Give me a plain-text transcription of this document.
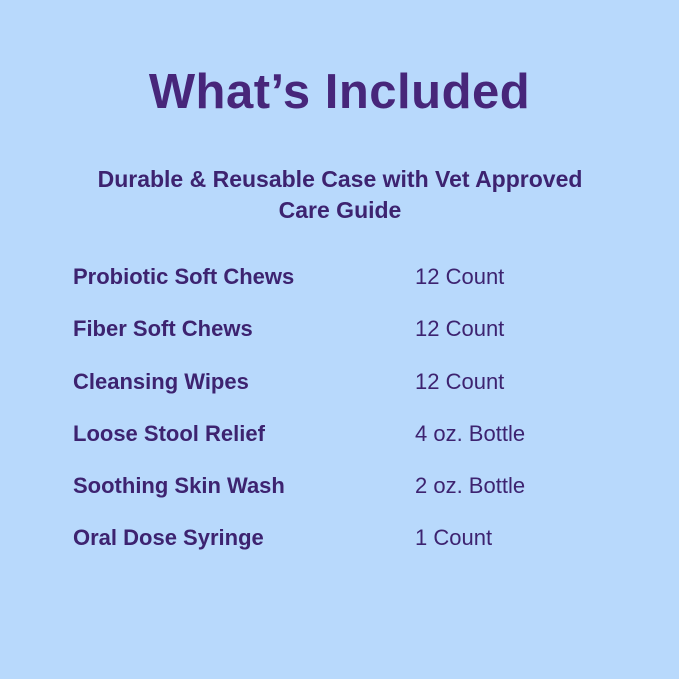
What’s Included
Durable & Reusable Case with Vet Approved
Care Guide
Probiotic Soft Chews	12 Count
Fiber Soft Chews	12 Count
Cleansing Wipes	12 Count
Loose Stool Relief	4 oz. Bottle
Soothing Skin Wash	2 oz. Bottle
Oral Dose Syringe	1 Count
